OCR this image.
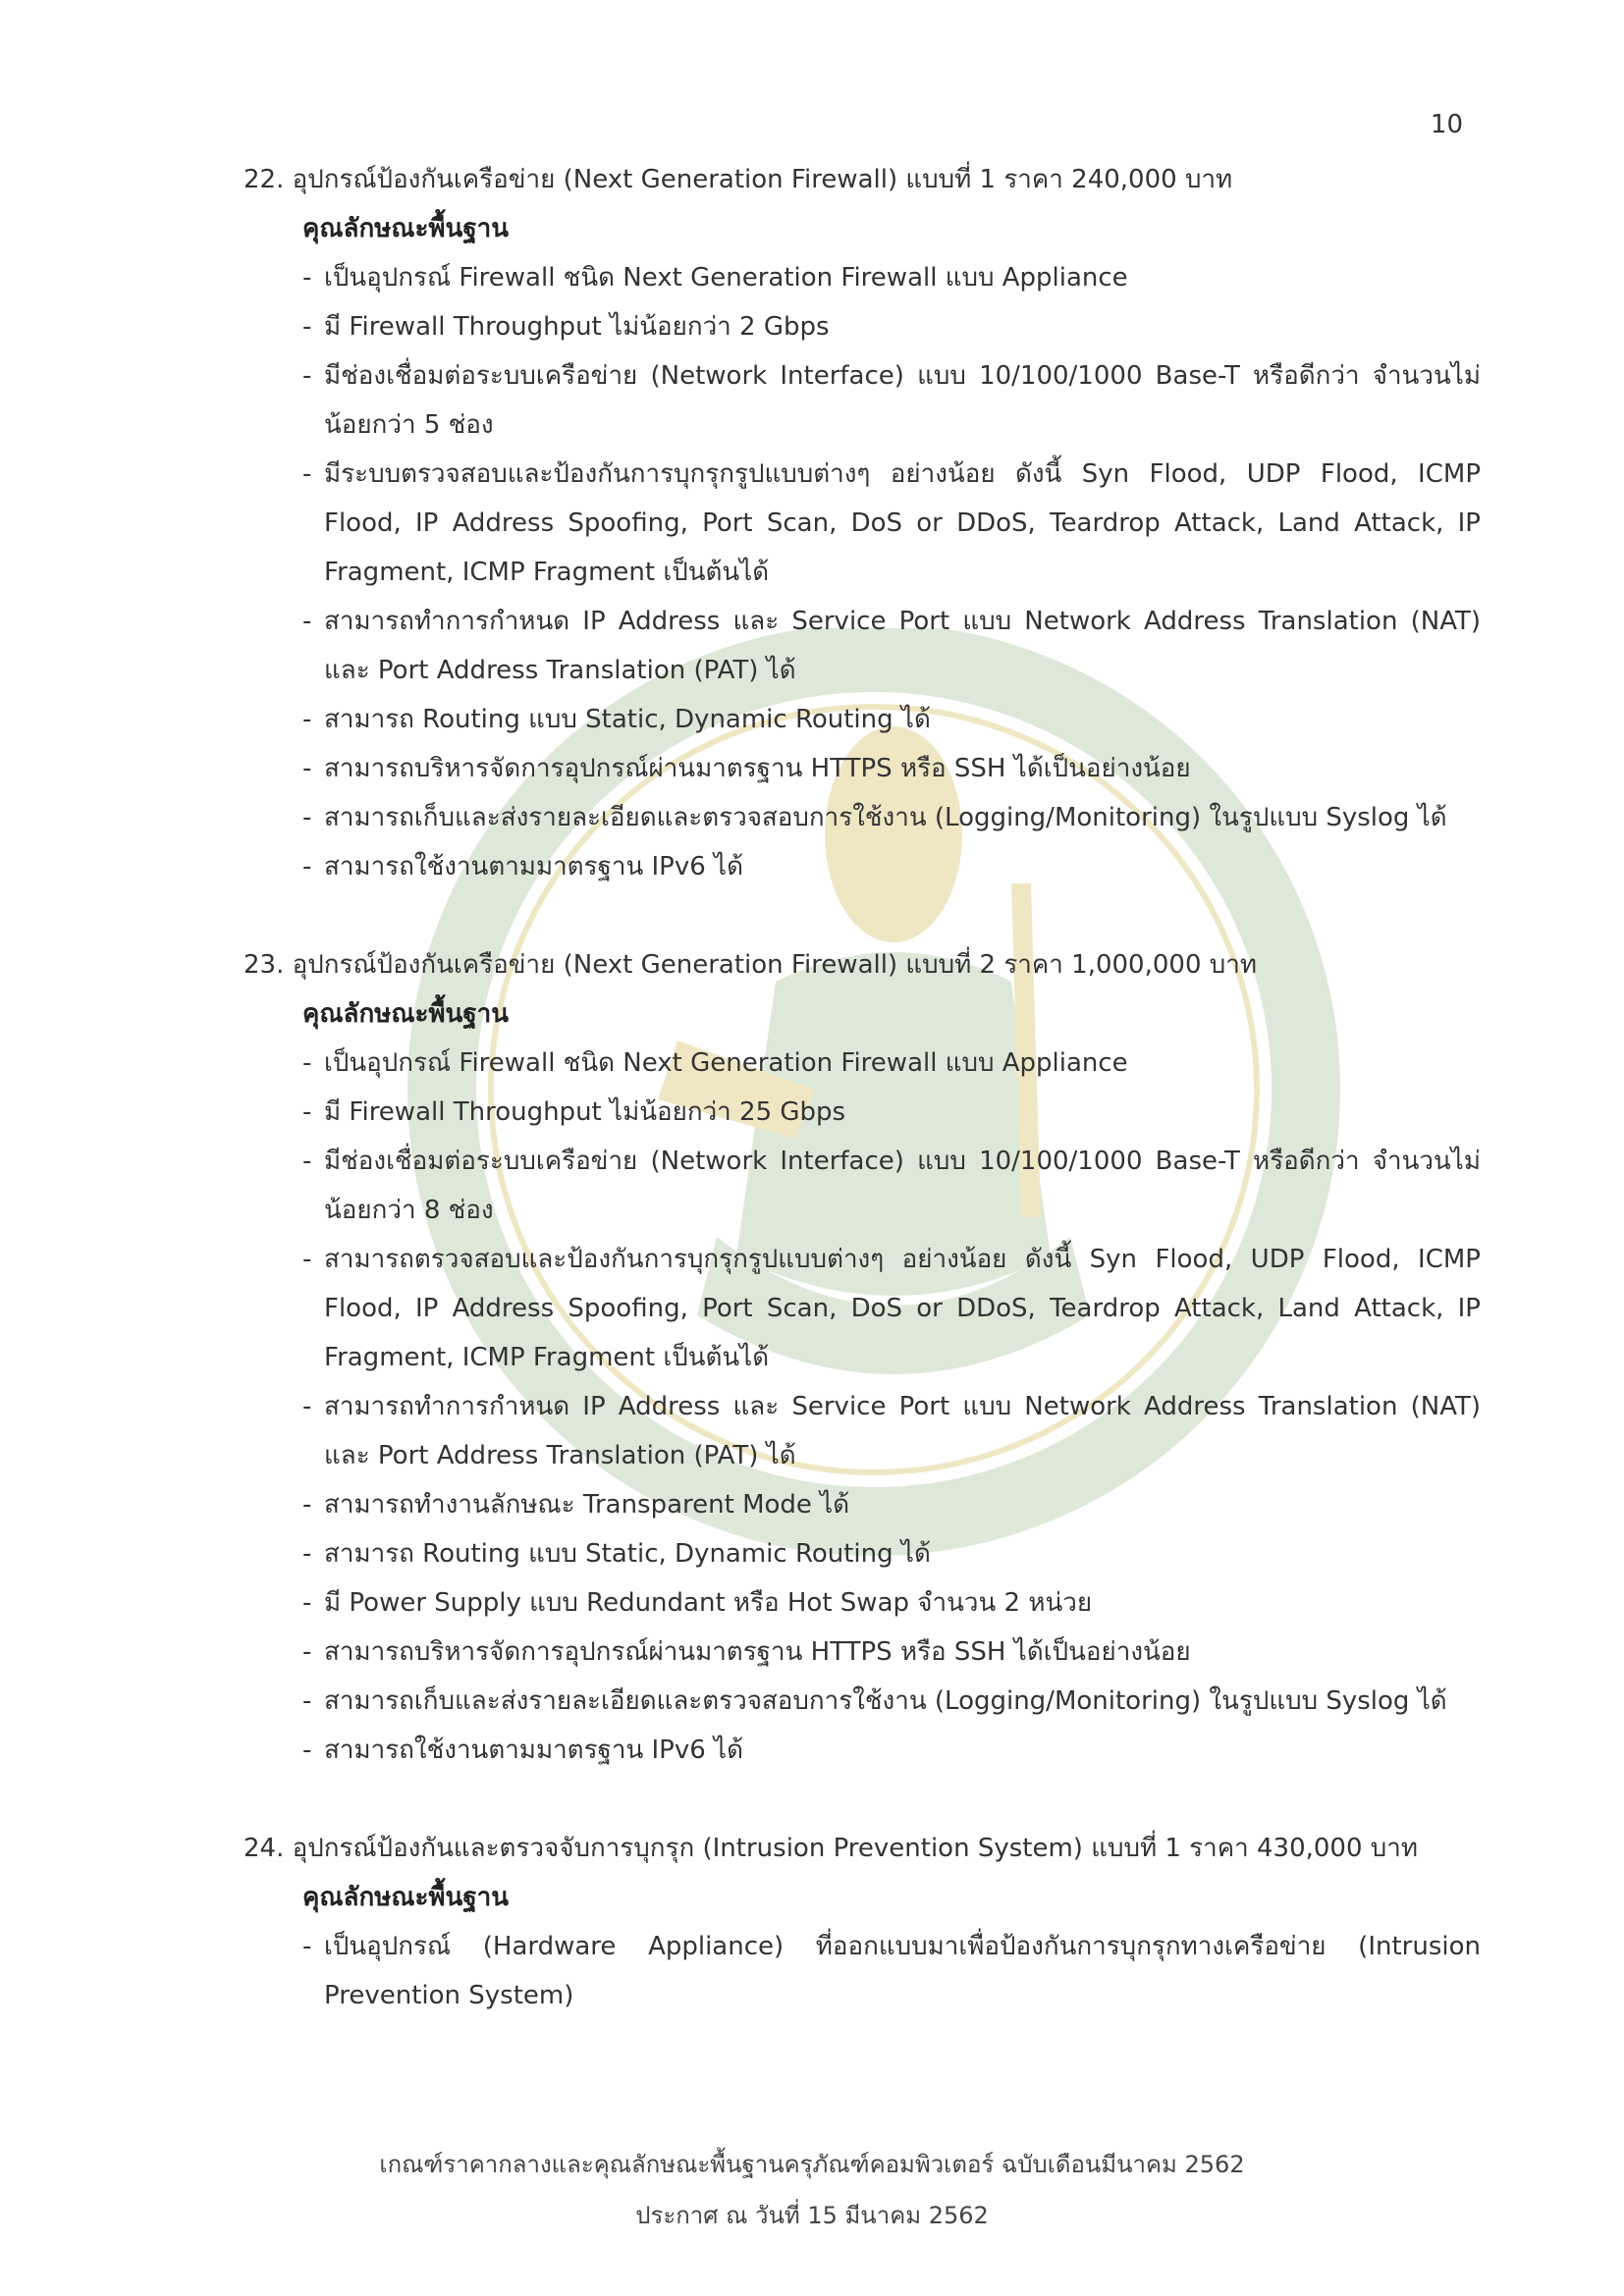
10
22. อุปกรณ์ป้องกันเครือข่าย (Next Generation Firewall) แบบที่ 1 ราคา 240,000 บาท
คุณลักษณะพื้นฐาน
- เป็นอุปกรณ์ Firewall ชนิด Next Generation Firewall แบบ Appliance
- มี Firewall Throughput ไม่น้อยกว่า 2 Gbps
- มีช่องเชื่อมต่อระบบเครือข่าย (Network Interface) แบบ 10/100/1000 Base-T หรือดีกว่า จำนวนไม่น้อยกว่า 5 ช่อง
- มีระบบตรวจสอบและป้องกันการบุกรุกรูปแบบต่างๆ อย่างน้อย ดังนี้ Syn Flood, UDP Flood, ICMP Flood, IP Address Spoofing, Port Scan, DoS or DDoS, Teardrop Attack, Land Attack, IP Fragment, ICMP Fragment เป็นต้นได้
- สามารถทำการกำหนด IP Address และ Service Port แบบ Network Address Translation (NAT) และ Port Address Translation (PAT) ได้
- สามารถ Routing แบบ Static, Dynamic Routing ได้
- สามารถบริหารจัดการอุปกรณ์ผ่านมาตรฐาน HTTPS หรือ SSH ได้เป็นอย่างน้อย
- สามารถเก็บและส่งรายละเอียดและตรวจสอบการใช้งาน (Logging/Monitoring) ในรูปแบบ Syslog ได้
- สามารถใช้งานตามมาตรฐาน IPv6 ได้
23. อุปกรณ์ป้องกันเครือข่าย (Next Generation Firewall) แบบที่ 2 ราคา 1,000,000 บาท
คุณลักษณะพื้นฐาน
- เป็นอุปกรณ์ Firewall ชนิด Next Generation Firewall แบบ Appliance
- มี Firewall Throughput ไม่น้อยกว่า 25 Gbps
- มีช่องเชื่อมต่อระบบเครือข่าย (Network Interface) แบบ 10/100/1000 Base-T หรือดีกว่า จำนวนไม่น้อยกว่า 8 ช่อง
- สามารถตรวจสอบและป้องกันการบุกรุกรูปแบบต่างๆ อย่างน้อย ดังนี้ Syn Flood, UDP Flood, ICMP Flood, IP Address Spoofing, Port Scan, DoS or DDoS, Teardrop Attack, Land Attack, IP Fragment, ICMP Fragment เป็นต้นได้
- สามารถทำการกำหนด IP Address และ Service Port แบบ Network Address Translation (NAT) และ Port Address Translation (PAT) ได้
- สามารถทำงานลักษณะ Transparent Mode ได้
- สามารถ Routing แบบ Static, Dynamic Routing ได้
- มี Power Supply แบบ Redundant หรือ Hot Swap จำนวน 2 หน่วย
- สามารถบริหารจัดการอุปกรณ์ผ่านมาตรฐาน HTTPS หรือ SSH ได้เป็นอย่างน้อย
- สามารถเก็บและส่งรายละเอียดและตรวจสอบการใช้งาน (Logging/Monitoring) ในรูปแบบ Syslog ได้
- สามารถใช้งานตามมาตรฐาน IPv6 ได้
24. อุปกรณ์ป้องกันและตรวจจับการบุกรุก (Intrusion Prevention System) แบบที่ 1 ราคา 430,000 บาท
คุณลักษณะพื้นฐาน
- เป็นอุปกรณ์ (Hardware Appliance) ที่ออกแบบมาเพื่อป้องกันการบุกรุกทางเครือข่าย (Intrusion Prevention System)
เกณฑ์ราคากลางและคุณลักษณะพื้นฐานครุภัณฑ์คอมพิวเตอร์ ฉบับเดือนมีนาคม 2562
ประกาศ ณ วันที่ 15 มีนาคม 2562
